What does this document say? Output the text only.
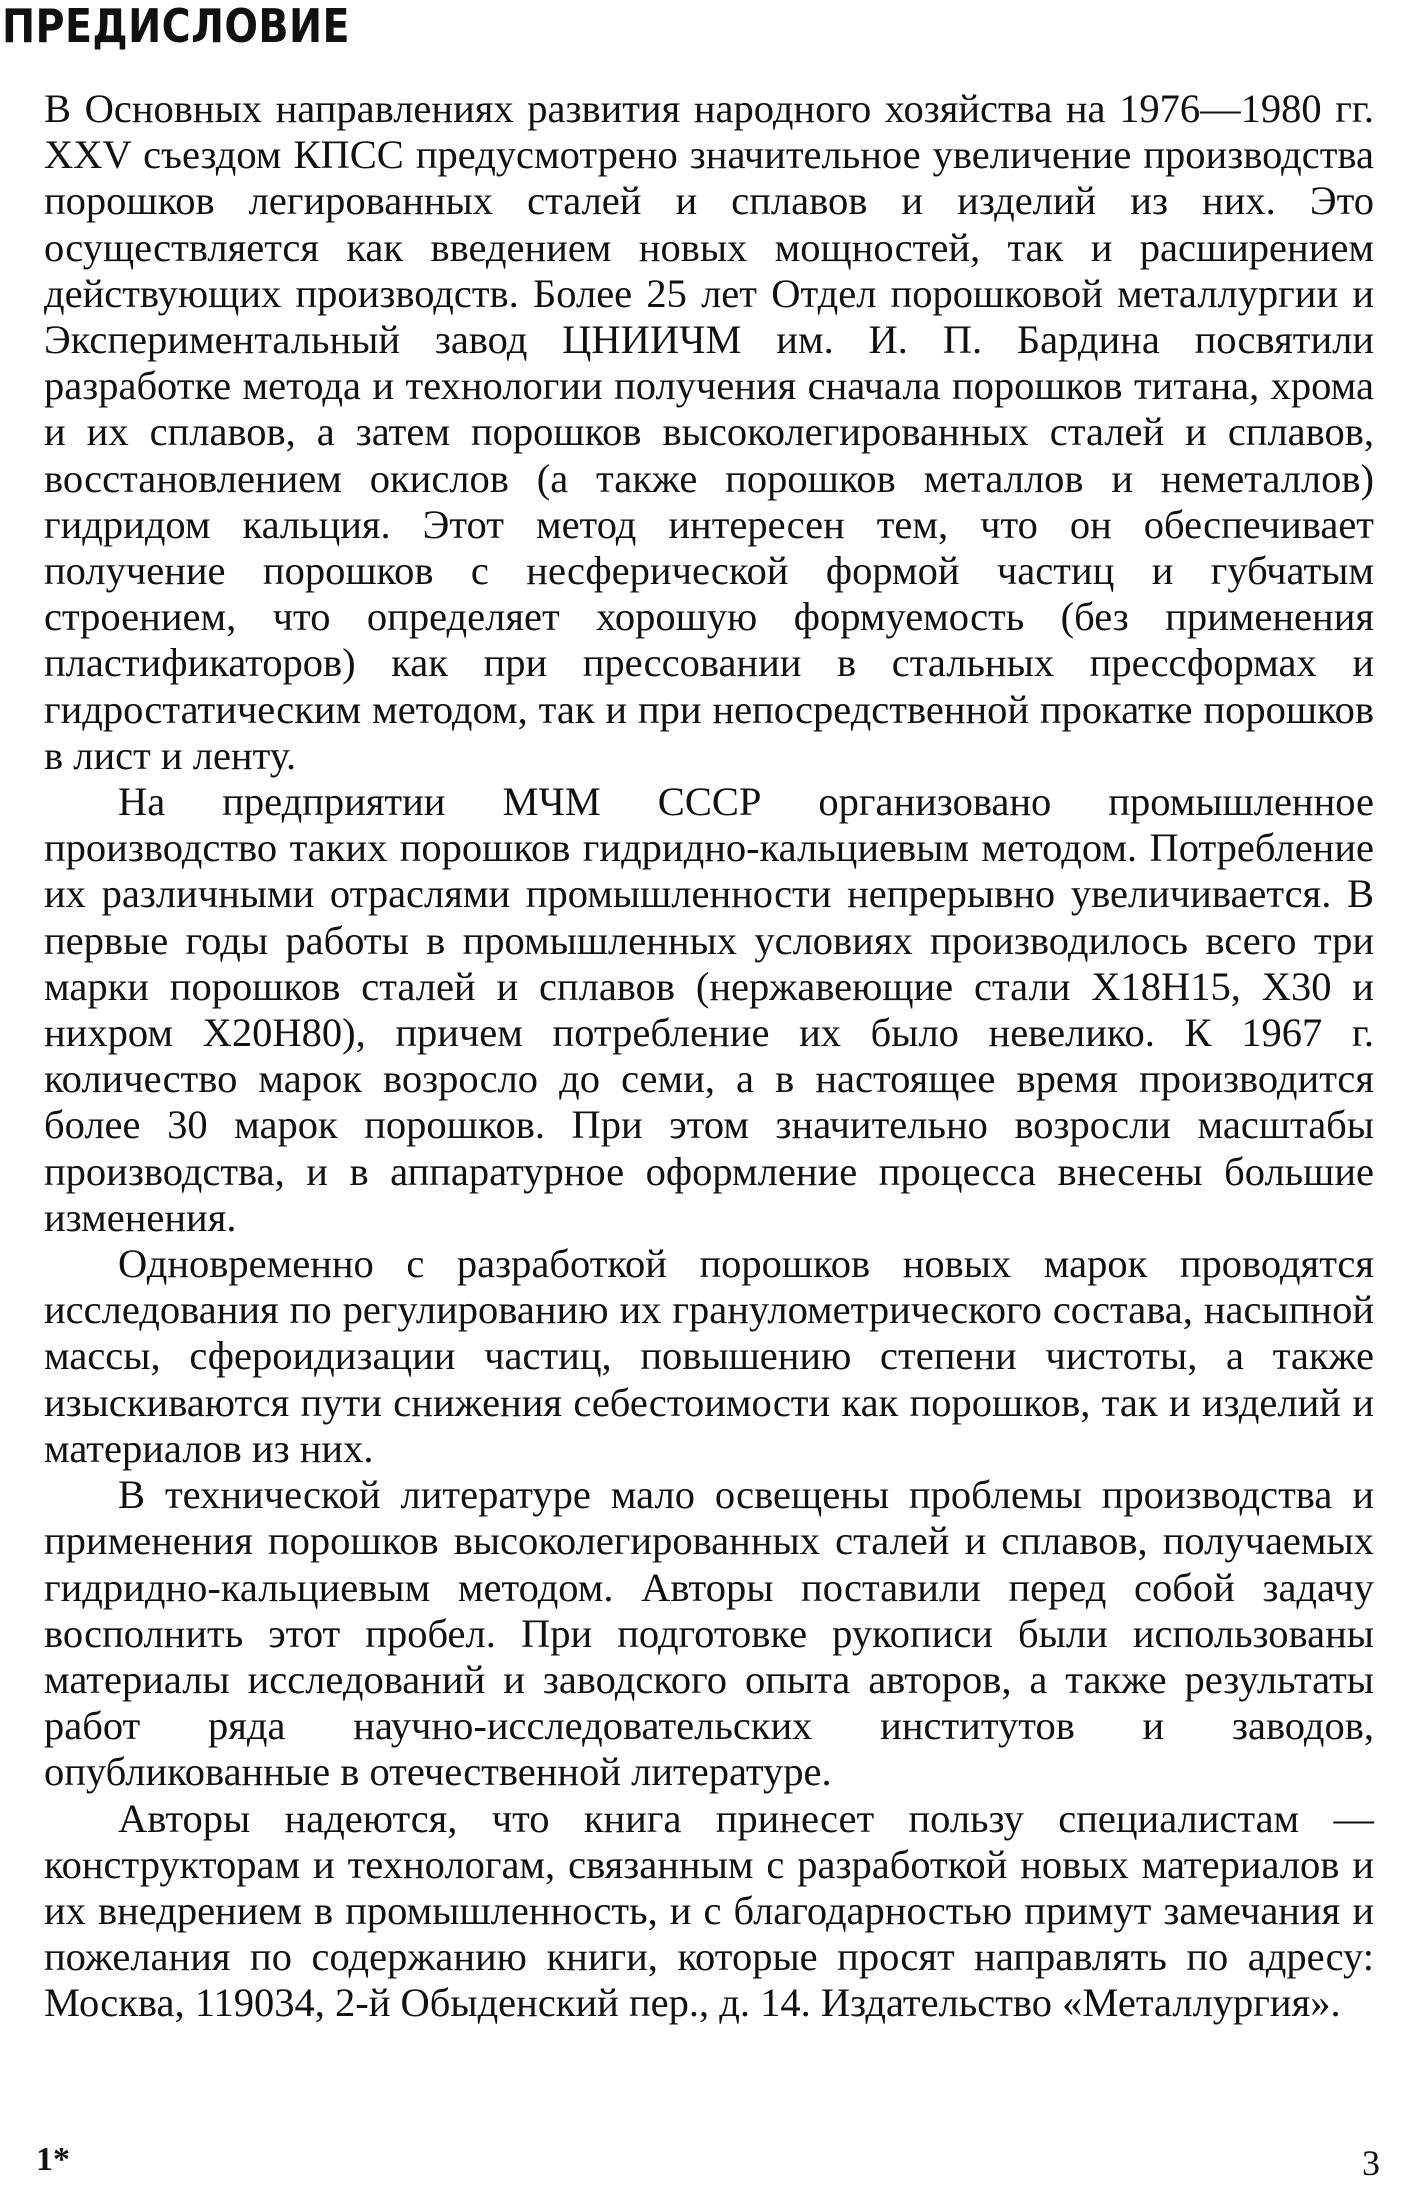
ПРЕДИСЛОВИЕ

В Основных направлениях развития народного хозяйства на 1976—1980 гг. XXV съездом КПСС предусмотрено значительное увеличение производства порошков легированных сталей и сплавов и изделий из них. Это осуществляется как введением новых мощностей, так и расширением действующих производств. Более 25 лет Отдел порошковой металлургии и Экспериментальный завод ЦНИИЧМ им. И. П. Бардина посвятили разработке метода и технологии получения сначала порошков титана, хрома и их сплавов, а затем порошков высоколегированных сталей и сплавов, восстановлением окислов (а также порошков металлов и неметаллов) гидридом кальция. Этот метод интересен тем, что он обеспечивает получение порошков с несферической формой частиц и губчатым строением, что определяет хорошую формуемость (без применения пластификаторов) как при прессовании в стальных прессформах и гидростатическим методом, так и при непосредственной прокатке порошков в лист и ленту.

На предприятии МЧМ СССР организовано промышленное производство таких порошков гидридно-кальциевым методом. Потребление их различными отраслями промышленности непрерывно увеличивается. В первые годы работы в промышленных условиях производилось всего три марки порошков сталей и сплавов (нержавеющие стали Х18Н15, Х30 и нихром Х20Н80), причем потребление их было невелико. К 1967 г. количество марок возросло до семи, а в настоящее время производится более 30 марок порошков. При этом значительно возросли масштабы производства, и в аппаратурное оформление процесса внесены большие изменения.

Одновременно с разработкой порошков новых марок проводятся исследования по регулированию их гранулометрического состава, насыпной массы, сфероидизации частиц, повышению степени чистоты, а также изыскиваются пути снижения себестоимости как порошков, так и изделий и материалов из них.

В технической литературе мало освещены проблемы производства и применения порошков высоколегированных сталей и сплавов, получаемых гидридно-кальциевым методом. Авторы поставили перед собой задачу восполнить этот пробел. При подготовке рукописи были использованы материалы исследований и заводского опыта авторов, а также результаты работ ряда научно-исследовательских институтов и заводов, опубликованные в отечественной литературе.

Авторы надеются, что книга принесет пользу специалистам — конструкторам и технологам, связанным с разработкой новых материалов и их внедрением в промышленность, и с благодарностью примут замечания и пожелания по содержанию книги, которые просят направлять по адресу: Москва, 119034, 2-й Обыденский пер., д. 14. Издательство «Металлургия».

1*	3
